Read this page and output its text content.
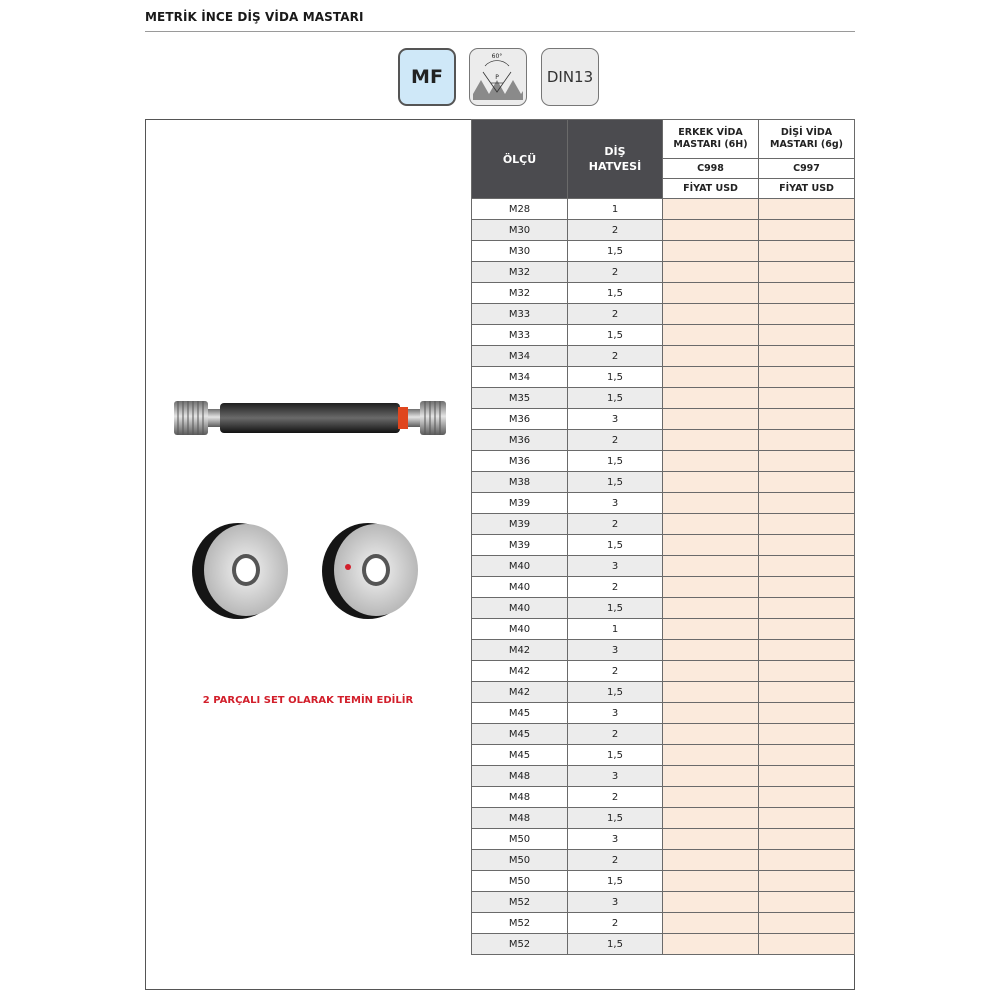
METRİK İNCE DİŞ VİDA MASTARI
MF
60°
P	DIN13
2 PARÇALI SET OLARAK TEMİN EDİLİR
ÖLÇÜ	DİŞ HATVESİ	ERKEK VİDA MASTARI (6H)	DİŞİ VİDA MASTARI (6g)
		C998	C997
		FİYAT USD	FİYAT USD
M28	1		
M30	2		
M30	1,5		
M32	2		
M32	1,5		
M33	2		
M33	1,5		
M34	2		
M34	1,5		
M35	1,5		
M36	3		
M36	2		
M36	1,5		
M38	1,5		
M39	3		
M39	2		
M39	1,5		
M40	3		
M40	2		
M40	1,5		
M40	1		
M42	3		
M42	2		
M42	1,5		
M45	3		
M45	2		
M45	1,5		
M48	3		
M48	2		
M48	1,5		
M50	3		
M50	2		
M50	1,5		
M52	3		
M52	2		
M52	1,5		
